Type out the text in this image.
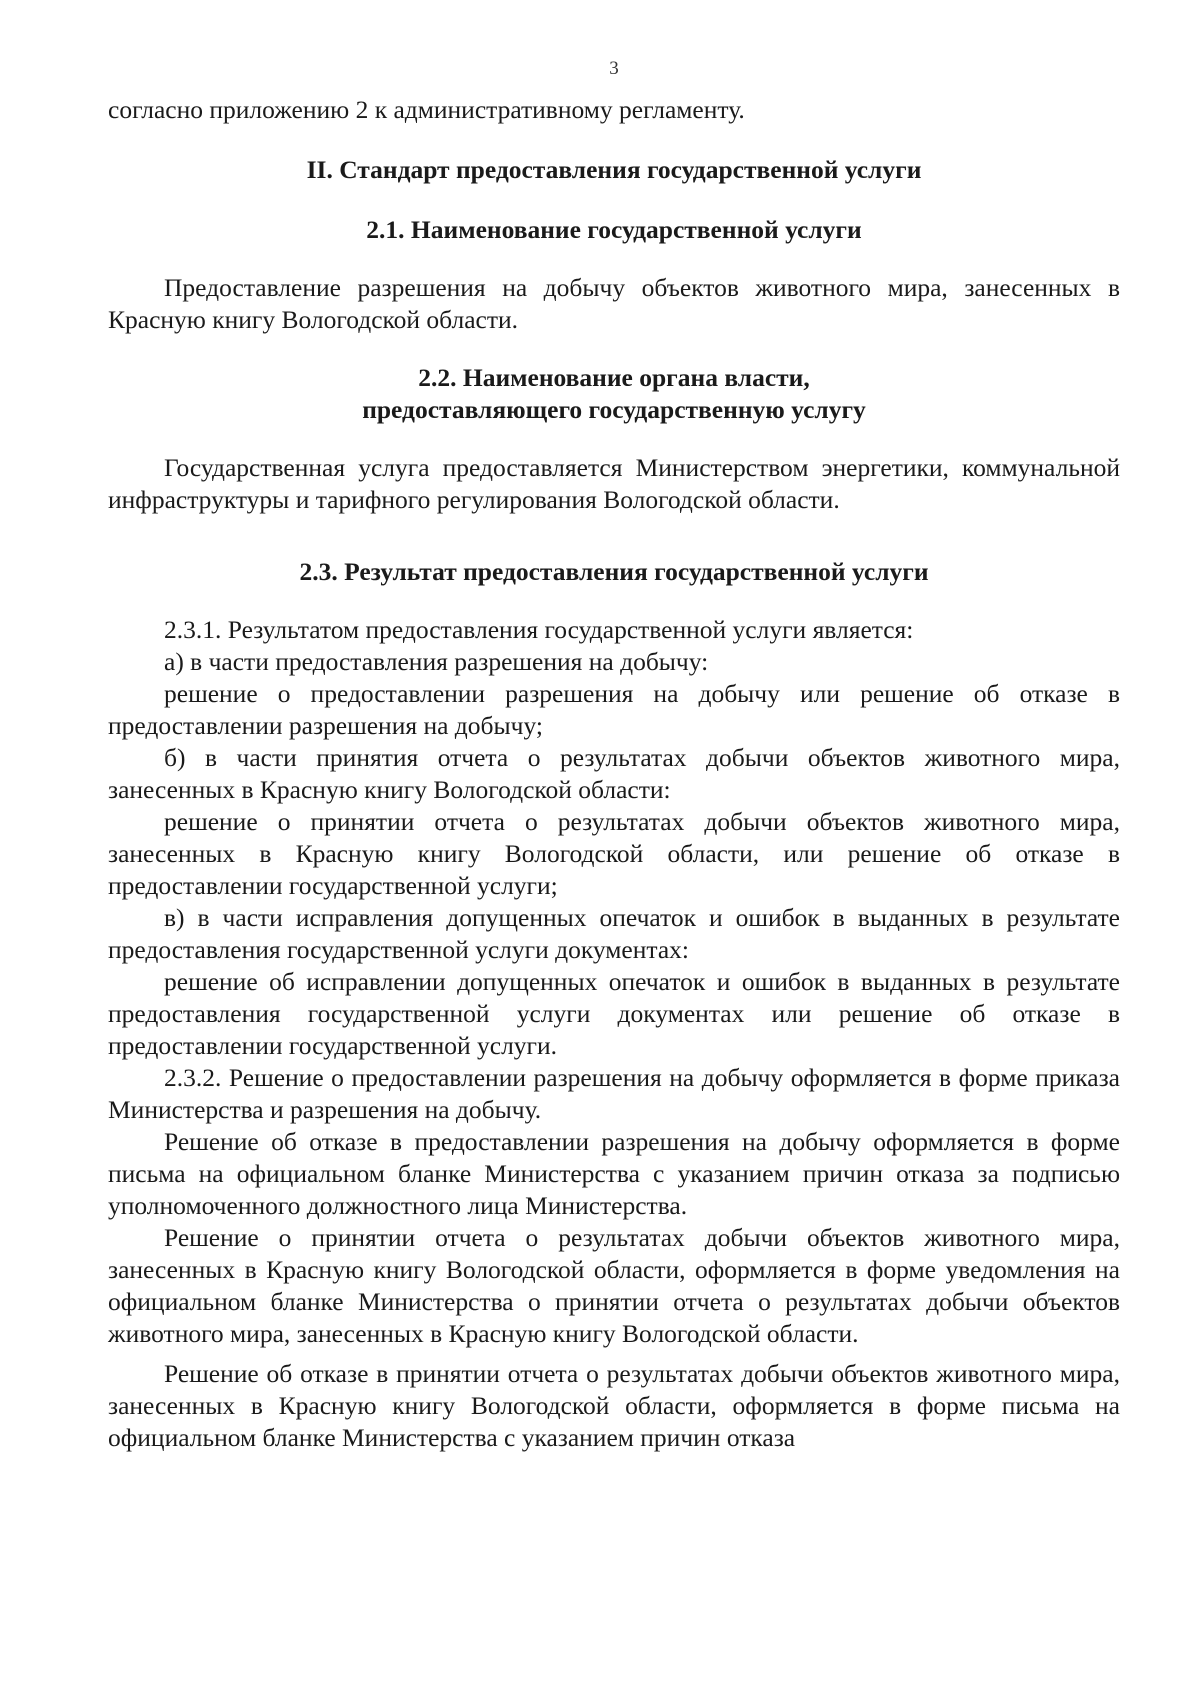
3

согласно приложению 2 к административному регламенту.

II. Стандарт предоставления государственной услуги
2.1. Наименование государственной услуги

Предоставление разрешения на добычу объектов животного мира, занесенных в Красную книгу Вологодской области.

2.2. Наименование органа власти,
предоставляющего государственную услугу

Государственная услуга предоставляется Министерством энергетики, коммунальной инфраструктуры и тарифного регулирования Вологодской области.

2.3. Результат предоставления государственной услуги

2.3.1. Результатом предоставления государственной услуги является:

а) в части предоставления разрешения на добычу:

решение о предоставлении разрешения на добычу или решение об отказе в предоставлении разрешения на добычу;

б) в части принятия отчета о результатах добычи объектов животного мира, занесенных в Красную книгу Вологодской области:

решение о принятии отчета о результатах добычи объектов животного мира, занесенных в Красную книгу Вологодской области, или решение об отказе в предоставлении государственной услуги;

в) в части исправления допущенных опечаток и ошибок в выданных в результате предоставления государственной услуги документах:

решение об исправлении допущенных опечаток и ошибок в выданных в результате предоставления государственной услуги документах или решение об отказе в предоставлении государственной услуги.

2.3.2. Решение о предоставлении разрешения на добычу оформляется в форме приказа Министерства и разрешения на добычу.

Решение об отказе в предоставлении разрешения на добычу оформляется в форме письма на официальном бланке Министерства с указанием причин отказа за подписью уполномоченного должностного лица Министерства.

Решение о принятии отчета о результатах добычи объектов животного мира, занесенных в Красную книгу Вологодской области, оформляется в форме уведомления на официальном бланке Министерства о принятии отчета о результатах добычи объектов животного мира, занесенных в Красную книгу Вологодской области.

Решение об отказе в принятии отчета о результатах добычи объектов животного мира, занесенных в Красную книгу Вологодской области, оформляется в форме письма на официальном бланке Министерства с указанием причин отказа
